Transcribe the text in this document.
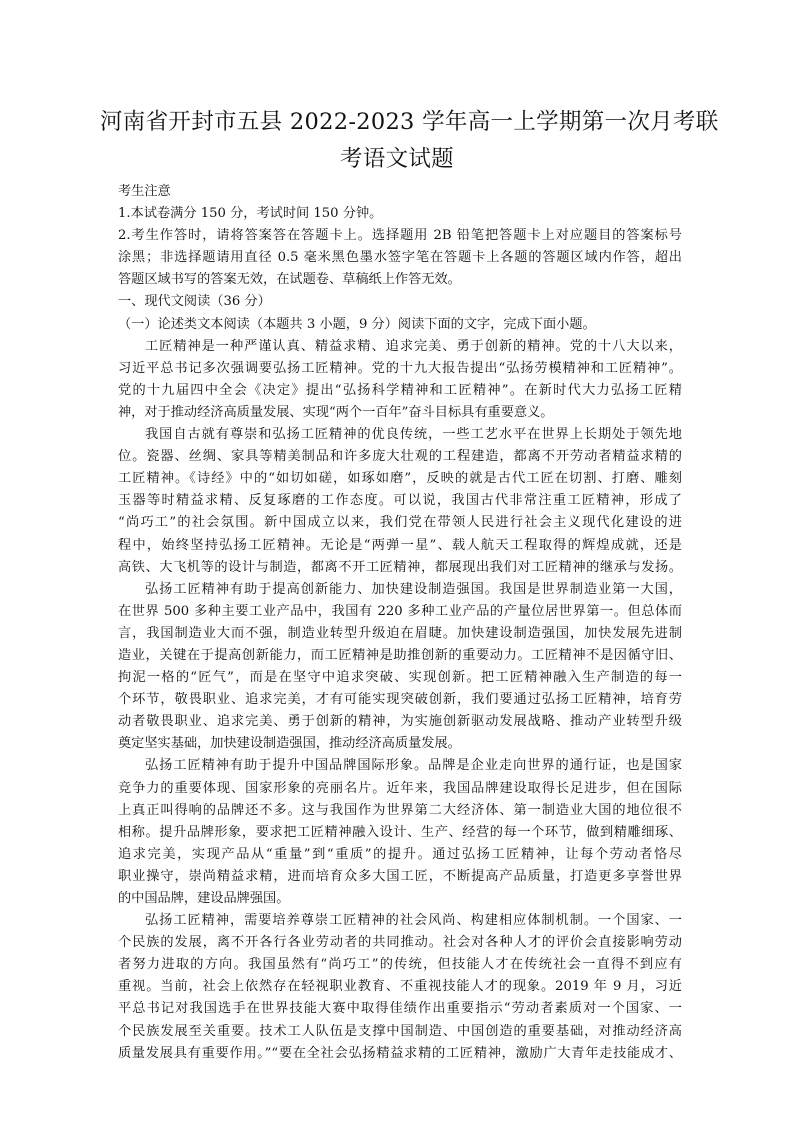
河南省开封市五县 2022-2023 学年高一上学期第一次月考联
考语文试题
考生注意
1.本试卷满分 150 分，考试时间 150 分钟。
2.考生作答时，请将答案答在答题卡上。选择题用 2B 铅笔把答题卡上对应题目的答案标号
涂黑；非选择题请用直径 0.5 毫米黑色墨水签字笔在答题卡上各题的答题区域内作答，超出
答题区域书写的答案无效，在试题卷、草稿纸上作答无效。
一、现代文阅读（36 分）
（一）论述类文本阅读（本题共 3 小题，9 分）阅读下面的文字，完成下面小题。
工匠精神是一种严谨认真、精益求精、追求完美、勇于创新的精神。党的十八大以来，
习近平总书记多次强调要弘扬工匠精神。党的十九大报告提出“弘扬劳模精神和工匠精神”。
党的十九届四中全会《决定》提出“弘扬科学精神和工匠精神”。在新时代大力弘扬工匠精
神，对于推动经济高质量发展、实现“两个一百年”奋斗目标具有重要意义。
我国自古就有尊崇和弘扬工匠精神的优良传统，一些工艺水平在世界上长期处于领先地
位。瓷器、丝绸、家具等精美制品和许多庞大壮观的工程建造，都离不开劳动者精益求精的
工匠精神。《诗经》中的“如切如磋，如琢如磨”，反映的就是古代工匠在切割、打磨、雕刻
玉器等时精益求精、反复琢磨的工作态度。可以说，我国古代非常注重工匠精神，形成了
“尚巧工”的社会氛围。新中国成立以来，我们党在带领人民进行社会主义现代化建设的进
程中，始终坚持弘扬工匠精神。无论是“两弹一星”、载人航天工程取得的辉煌成就，还是
高铁、大飞机等的设计与制造，都离不开工匠精神，都展现出我们对工匠精神的继承与发扬。
弘扬工匠精神有助于提高创新能力、加快建设制造强国。我国是世界制造业第一大国，
在世界 500 多种主要工业产品中，我国有 220 多种工业产品的产量位居世界第一。但总体而
言，我国制造业大而不强，制造业转型升级迫在眉睫。加快建设制造强国，加快发展先进制
造业，关键在于提高创新能力，而工匠精神是助推创新的重要动力。工匠精神不是因循守旧、
拘泥一格的“匠气”，而是在坚守中追求突破、实现创新。把工匠精神融入生产制造的每一
个环节，敬畏职业、追求完美，才有可能实现突破创新，我们要通过弘扬工匠精神，培育劳
动者敬畏职业、追求完美、勇于创新的精神，为实施创新驱动发展战略、推动产业转型升级
奠定坚实基础，加快建设制造强国，推动经济高质量发展。
弘扬工匠精神有助于提升中国品牌国际形象。品牌是企业走向世界的通行证，也是国家
竞争力的重要体现、国家形象的亮丽名片。近年来，我国品牌建设取得长足进步，但在国际
上真正叫得响的品牌还不多。这与我国作为世界第二大经济体、第一制造业大国的地位很不
相称。提升品牌形象，要求把工匠精神融入设计、生产、经营的每一个环节，做到精雕细琢、
追求完美，实现产品从“重量”到“重质”的提升。通过弘扬工匠精神，让每个劳动者恪尽
职业操守，崇尚精益求精，进而培育众多大国工匠，不断提高产品质量，打造更多享誉世界
的中国品牌，建设品牌强国。
弘扬工匠精神，需要培养尊崇工匠精神的社会风尚、构建相应体制机制。一个国家、一
个民族的发展，离不开各行各业劳动者的共同推动。社会对各种人才的评价会直接影响劳动
者努力进取的方向。我国虽然有“尚巧工”的传统，但技能人才在传统社会一直得不到应有
重视。当前，社会上依然存在轻视职业教育、不重视技能人才的现象。2019 年 9 月，习近
平总书记对我国选手在世界技能大赛中取得佳绩作出重要指示“劳动者素质对一个国家、一
个民族发展至关重要。技术工人队伍是支撑中国制造、中国创造的重要基础，对推动经济高
质量发展具有重要作用。”“要在全社会弘扬精益求精的工匠精神，激励广大青年走技能成才、
